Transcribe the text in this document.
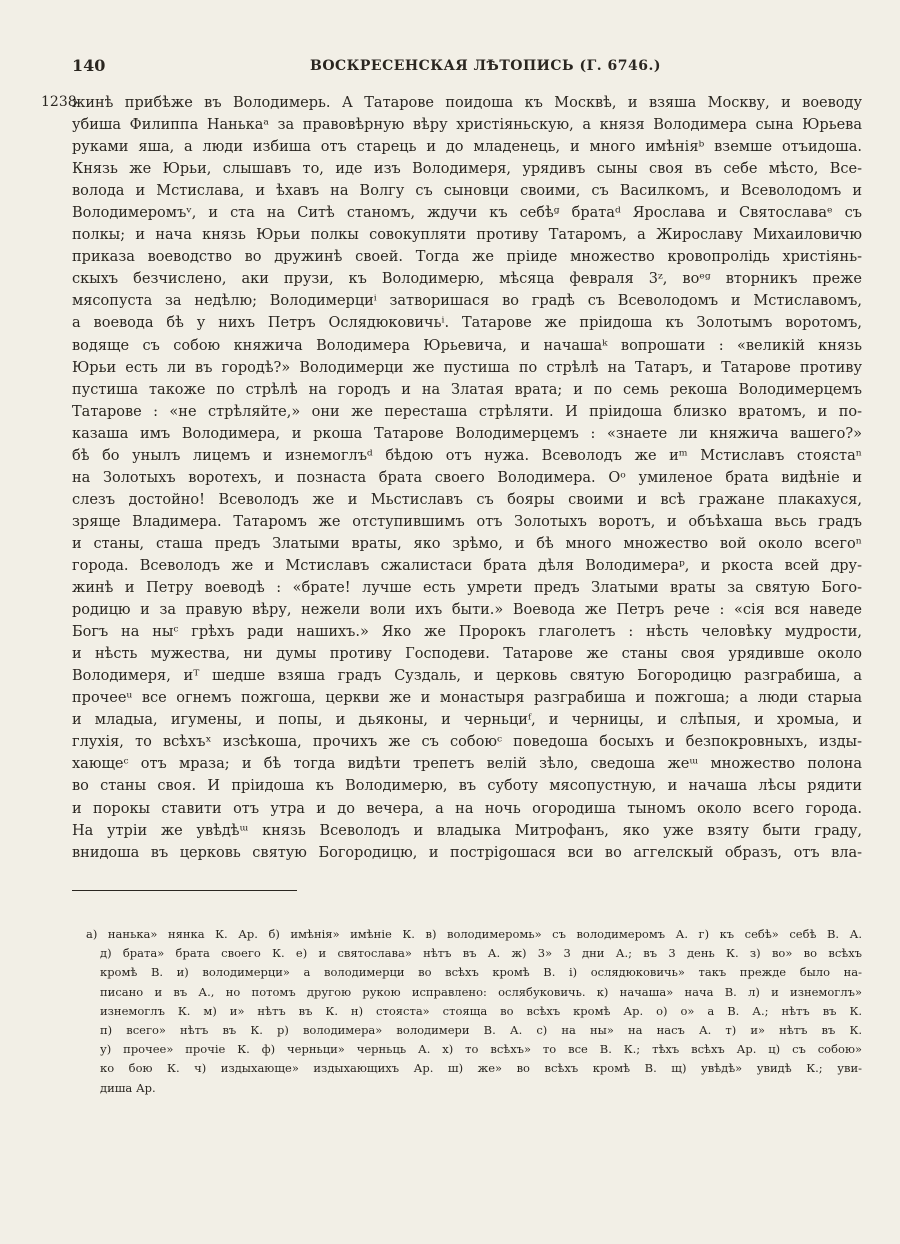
140	ВОСКРЕСЕНСКАЯ ЛѢТОПИСЬ (Г. 6746.)
1238
жинѣ прибѣже въ Володимерь. А Татарове поидоша къ Москвѣ, и взяша Москву, и воеводу
убиша Филиппа Нанькаᵃ за правовѣрную вѣру христіяньскую, а князя Володимера сына Юрьева
руками яша, а люди избиша отъ старець и до младенець, и много имѣніяᵇ вземше отъидоша.
Князь же Юрьи, слышавъ то, иде изъ Володимеря, урядивъ сыны своя въ себе мѣсто, Все-
волода и Мстислава, и ѣхавъ на Волгу съ сыновци своими, съ Василкомъ, и Всеволодомъ и
Володимеромъᵛ, и ста на Ситѣ станомъ, ждучи къ себѣᵍ братаᵈ Ярослава и Святославаᵉ съ
полкы; и нача князь Юрьи полкы совокупляти противу Татаромъ, а Жирославу Михаиловичю
приказа воеводство во дружинѣ своей. Тогда же пріиде множество кровопролідь христіянь-
скыхъ безчислено, аки прузи, къ Володимерю, мѣсяца февраля 3ᶻ, воᵉᵍ вторникъ преже
мясопуста за недѣлю; Володимерциⁱ затворишася во градѣ съ Всеволодомъ и Мстиславомъ,
а воевода бѣ у нихъ Петръ Ослядюковичьⁱ. Татарове же пріидоша къ Золотымъ воротомъ,
водяще съ собою княжича Володимера Юрьевича, и начашаᵏ вопрошати : «великій князь
Юрьи есть ли въ городѣ?» Володимерци же пустиша по стрѣлѣ на Татаръ, и Татарове противу
пустиша такоже по стрѣлѣ на городъ и на Златая врата; и по семь рекоша Володимерцемъ
Татарове : «не стрѣляйте,» они же пересташа стрѣляти. И пріидоша близко вратомъ, и по-
казаша имъ Володимера, и ркоша Татарове Володимерцемъ : «знаете ли княжича вашего?»
бѣ бо унылъ лицемъ и изнемоглъᵈ бѣдою отъ нужа. Всеволодъ же иᵐ Мстиславъ стоястаⁿ
на Золотыхъ воротехъ, и познаста брата своего Володимера. Оᵒ умиленое брата видѣніе и
слезъ достойно! Всеволодъ же и Мьстиславъ съ бояры своими и всѣ гражане плакахуся,
зряще Владимера. Татаромъ же отступившимъ отъ Золотыхъ воротъ, и объѣхаша вьсь градъ
и станы, сташа предъ Златыми враты, яко зрѣмо, и бѣ много множество вой около всегоⁿ
города. Всеволодъ же и Мстиславъ сжалистаси брата дѣля Володимераᵖ, и ркоста всей дру-
жинѣ и Петру воеводѣ : «брате! лучше есть умрети предъ Златыми враты за святую Бого-
родицю и за правую вѣру, нежели воли ихъ быти.» Воевода же Петръ рече : «сія вся наведе
Богъ на ныᶜ грѣхъ ради нашихъ.» Яко же Пророкъ глаголетъ : нѣсть человѣку мудрости,
и нѣсть мужества, ни думы противу Господеви. Татарове же станы своя урядивше около
Володимеря, иᵀ шедше взяша градъ Суздаль, и церковь святую Богородицю разграбиша, а
прочееᵘ все огнемъ пожгоша, церкви же и монастыря разграбиша и пожгоша; а люди старыа
и младыа, игумены, и попы, и дьяконы, и черньциᶠ, и черницы, и слѣпыя, и хромыа, и
глухія, то всѣхъˣ изсѣкоша, прочихъ же съ собоюᶜ поведоша босыхъ и безпокровныхъ, изды-
хающеᶜ отъ мраза; и бѣ тогда видѣти трепетъ велій зѣло, сведоша жеᵚ множество полона
во станы своя. И пріидоша къ Володимерю, въ суботу мясопустную, и начаша лѣсы рядити
и порокы ставити отъ утра и до вечера, а на ночь огородиша тыномъ около всего города.
На утріи же увѣдѣᵚ князь Всеволодъ и владыка Митрофанъ, яко уже взяту быти граду,
внидоша въ церковь святую Богородицю, и пострigoшася вси во аггелскый образъ, отъ вла-
а) нанька» нянка К. Ар. б) имѣнія» имѣніе К. в) володимеромь» съ володимеромъ А. г) къ себѣ» себѣ В. А.
д) брата» брата своего К. е) и святослава» нѣтъ въ А. ж) 3» 3 дни А.; въ 3 день К. з) во» во всѣхъ
кромѣ В. и) володимерци» а володимерци во всѣхъ кромѣ В. і) ослядюковичь» такъ прежде было на-
писано и въ А., но потомъ другою рукою исправлено: ослябуковичь. к) начаша» нача В. л) и изнемоглъ»
изнемоглъ К. м) и» нѣтъ въ К. н) стоястa» стояща во всѣхъ кромѣ Ар. о) о» а В. А.; нѣтъ въ К.
п) всего» нѣтъ въ К. р) володимера» володимери В. А. с) на ны» на насъ А. т) и» нѣтъ въ К.
у) прочее» прочіе К. ф) черньци» черньць А. х) то всѣхъ» то все В. К.; тѣхъ всѣхъ Ар. ц) съ собою»
ко бою К. ч) издыхающе» издыхающихъ Ар. ш) же» во всѣхъ кромѣ В. щ) увѣдѣ» увидѣ К.; уви-
диша Ар.
